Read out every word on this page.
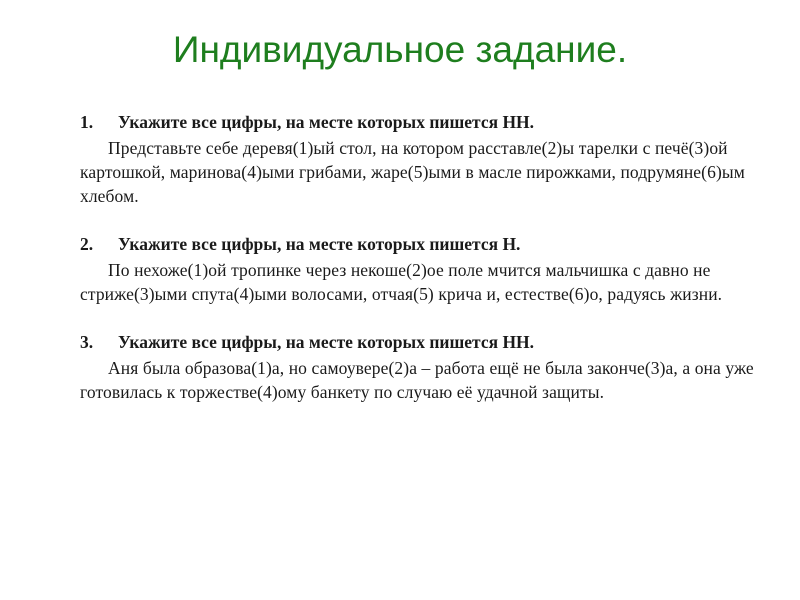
Индивидуальное задание.
1. Укажите все цифры, на месте которых пишется НН.
Представьте себе деревя(1)ый стол, на котором расставле(2)ы тарелки с печё(3)ой картошкой, маринова(4)ыми грибами, жаре(5)ыми в масле пирожками, подрумяне(6)ым хлебом.
2. Укажите все цифры, на месте которых пишется Н.
По нехоже(1)ой тропинке через некоше(2)ое поле мчится мальчишка с давно не стриже(3)ыми спута(4)ыми волосами, отчая(5) крича и, естестве(6)о, радуясь жизни.
3. Укажите все цифры, на месте которых пишется НН.
Аня была образова(1)а, но самоувере(2)а – работа ещё не была законче(3)а, а она уже готовилась к торжестве(4)ому банкету по случаю её удачной защиты.
